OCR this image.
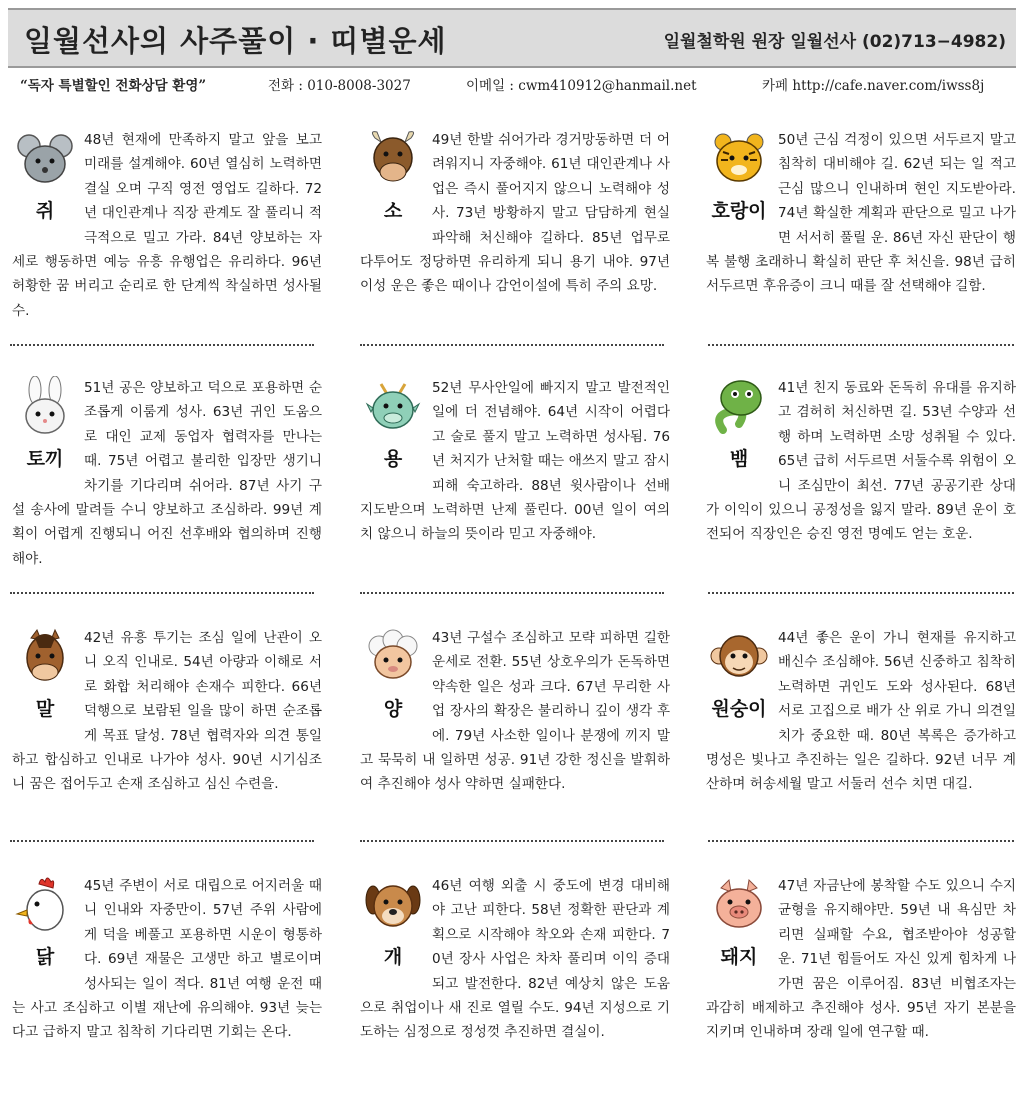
일월선사의 사주풀이 · 띠별운세	일월철학원 원장 일월선사 (02)713−4982)
“독자 특별할인 전화상담 환영”	전화 : 010-8008-3027	이메일 : cwm410912@hanmail.net	카페 http://cafe.naver.com/iwss8j
쥐

48년 현재에 만족하지 말고 앞을 보고 미래를 설계해야. 60년 열심히 노력하면 결실 오며 구직 영전 영업도 길하다. 72년 대인관계나 직장 관계도 잘 풀리니 적극적으로 밀고 가라. 84년 양보하는 자세로 행동하면 예능 유흥 유행업은 유리하다. 96년 허황한 꿈 버리고 순리로 한 단계씩 착실하면 성사될 수.

소

49년 한발 쉬어가라 경거망동하면 더 어려워지니 자중해야. 61년 대인관계나 사업은 즉시 풀어지지 않으니 노력해야 성사. 73년 방황하지 말고 담담하게 현실 파악해 처신해야 길하다. 85년 업무로 다투어도 정당하면 유리하게 되니 용기 내야. 97년 이성 운은 좋은 때이나 감언이설에 특히 주의 요망.

호랑이

50년 근심 걱정이 있으면 서두르지 말고 침착히 대비해야 길. 62년 되는 일 적고 근심 많으니 인내하며 현인 지도받아라. 74년 확실한 계획과 판단으로 밀고 나가면 서서히 풀릴 운. 86년 자신 판단이 행복 불행 초래하니 확실히 판단 후 처신을. 98년 급히 서두르면 후유증이 크니 때를 잘 선택해야 길함.

토끼

51년 공은 양보하고 덕으로 포용하면 순조롭게 이룸게 성사. 63년 귀인 도움으로 대인 교제 동업자 협력자를 만나는 때. 75년 어렵고 불리한 입장만 생기니 차기를 기다리며 쉬어라. 87년 사기 구설 송사에 말려들 수니 양보하고 조심하라. 99년 계획이 어렵게 진행되니 어진 선후배와 협의하며 진행해야.

용

52년 무사안일에 빠지지 말고 발전적인 일에 더 전념해야. 64년 시작이 어렵다고 술로 풀지 말고 노력하면 성사됨. 76년 처지가 난처할 때는 애쓰지 말고 잠시 피해 숙고하라. 88년 윗사람이나 선배 지도받으며 노력하면 난제 풀린다. 00년 일이 여의치 않으니 하늘의 뜻이라 믿고 자중해야.

뱀

41년 친지 동료와 돈독히 유대를 유지하고 겸허히 처신하면 길. 53년 수양과 선행 하며 노력하면 소망 성취될 수 있다. 65년 급히 서두르면 서둘수록 위험이 오니 조심만이 최선. 77년 공공기관 상대가 이익이 있으니 공정성을 잃지 말라. 89년 운이 호전되어 직장인은 승진 영전 명예도 얻는 호운.

말

42년 유흥 투기는 조심 일에 난관이 오니 오직 인내로. 54년 아량과 이해로 서로 화합 처리해야 손재수 피한다. 66년 덕행으로 보람된 일을 많이 하면 순조롭게 목표 달성. 78년 협력자와 의견 통일하고 합심하고 인내로 나가야 성사. 90년 시기심조니 꿈은 접어두고 손재 조심하고 심신 수련을.

양

43년 구설수 조심하고 모략 피하면 길한 운세로 전환. 55년 상호우의가 돈독하면 약속한 일은 성과 크다. 67년 무리한 사업 장사의 확장은 불리하니 깊이 생각 후에. 79년 사소한 일이나 분쟁에 끼지 말고 묵묵히 내 일하면 성공. 91년 강한 정신을 발휘하여 추진해야 성사 약하면 실패한다.

원숭이

44년 좋은 운이 가니 현재를 유지하고 배신수 조심해야. 56년 신중하고 침착히 노력하면 귀인도 도와 성사된다. 68년 서로 고집으로 배가 산 위로 가니 의견일치가 중요한 때. 80년 복록은 증가하고 명성은 빛나고 추진하는 일은 길하다. 92년 너무 계산하며 허송세월 말고 서둘러 선수 치면 대길.

닭

45년 주변이 서로 대립으로 어지러울 때니 인내와 자중만이. 57년 주위 사람에게 덕을 베풀고 포용하면 시운이 형통하다. 69년 재물은 고생만 하고 별로이며 성사되는 일이 적다. 81년 여행 운전 때는 사고 조심하고 이별 재난에 유의해야. 93년 늦는다고 급하지 말고 침착히 기다리면 기회는 온다.

개

46년 여행 외출 시 중도에 변경 대비해야 고난 피한다. 58년 정확한 판단과 계획으로 시작해야 착오와 손재 피한다. 70년 장사 사업은 차차 풀리며 이익 증대되고 발전한다. 82년 예상치 않은 도움으로 취업이나 새 진로 열릴 수도. 94년 지성으로 기도하는 심정으로 정성껏 추진하면 결실이.

돼지

47년 자금난에 봉착할 수도 있으니 수지균형을 유지해야만. 59년 내 욕심만 차리면 실패할 수요, 협조받아야 성공할 운. 71년 힘들어도 자신 있게 힘차게 나가면 꿈은 이루어짐. 83년 비협조자는 과감히 배제하고 추진해야 성사. 95년 자기 본분을 지키며 인내하며 장래 일에 연구할 때.
